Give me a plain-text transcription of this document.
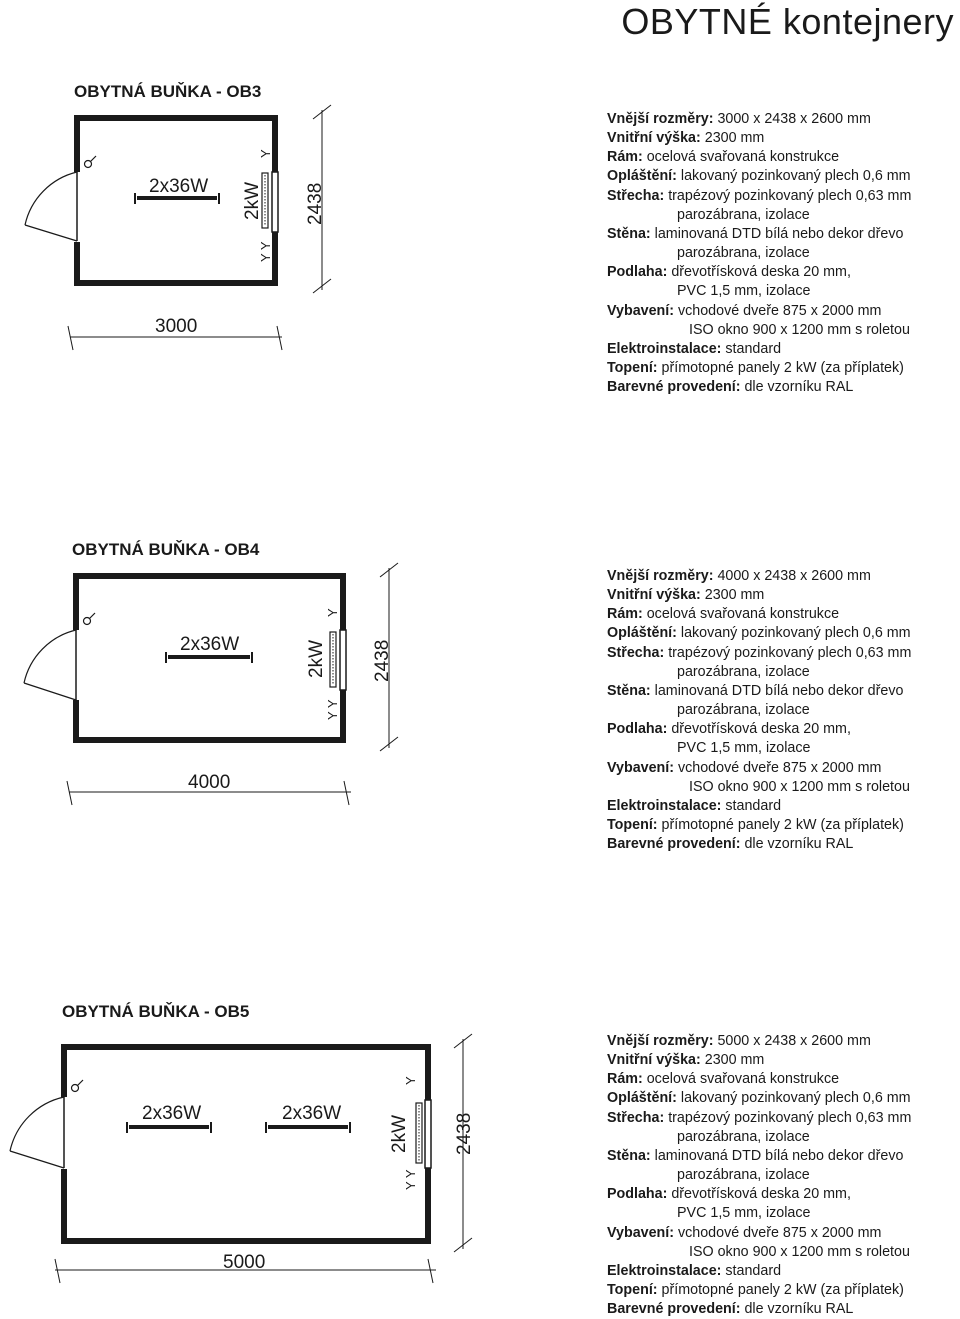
OBYTNÉ kontejnery
OBYTNÁ BUŇKA - OB3
2x36W 2kW
Y
Y Y
2438
3000
Vnější rozměry: 3000 x 2438 x 2600 mm
Vnitřní výška: 2300 mm
Rám: ocelová svařovaná konstrukce
Opláštění: lakovaný pozinkovaný plech 0,6 mm
Střecha: trapézový pozinkovaný plech 0,63 mm
parozábrana, izolace
Stěna: laminovaná DTD bílá nebo dekor dřevo
parozábrana, izolace
Podlaha: dřevotřísková deska 20 mm,
PVC 1,5 mm, izolace
Vybavení: vchodové dveře 875 x 2000 mm
ISO okno 900 x 1200 mm s roletou
Elektroinstalace: standard
Topení: přímotopné panely 2 kW (za příplatek)
Barevné provedení: dle vzorníku RAL
OBYTNÁ BUŇKA - OB4
2x36W	2kW
Y
Y Y
2438
4000
Vnější rozměry: 4000 x 2438 x 2600 mm
Vnitřní výška: 2300 mm
Rám: ocelová svařovaná konstrukce
Opláštění: lakovaný pozinkovaný plech 0,6 mm
Střecha: trapézový pozinkovaný plech 0,63 mm
parozábrana, izolace
Stěna: laminovaná DTD bílá nebo dekor dřevo
parozábrana, izolace
Podlaha: dřevotřísková deska 20 mm,
PVC 1,5 mm, izolace
Vybavení: vchodové dveře 875 x 2000 mm
ISO okno 900 x 1200 mm s roletou
Elektroinstalace: standard
Topení: přímotopné panely 2 kW (za příplatek)
Barevné provedení: dle vzorníku RAL
OBYTNÁ BUŇKA - OB5
2x36W	2x36W
2kW
Y
Y Y
2438
5000
Vnější rozměry: 5000 x 2438 x 2600 mm
Vnitřní výška: 2300 mm
Rám: ocelová svařovaná konstrukce
Opláštění: lakovaný pozinkovaný plech 0,6 mm
Střecha: trapézový pozinkovaný plech 0,63 mm
parozábrana, izolace
Stěna: laminovaná DTD bílá nebo dekor dřevo
parozábrana, izolace
Podlaha: dřevotřísková deska 20 mm,
PVC 1,5 mm, izolace
Vybavení: vchodové dveře 875 x 2000 mm
ISO okno 900 x 1200 mm s roletou
Elektroinstalace: standard
Topení: přímotopné panely 2 kW (za příplatek)
Barevné provedení: dle vzorníku RAL
